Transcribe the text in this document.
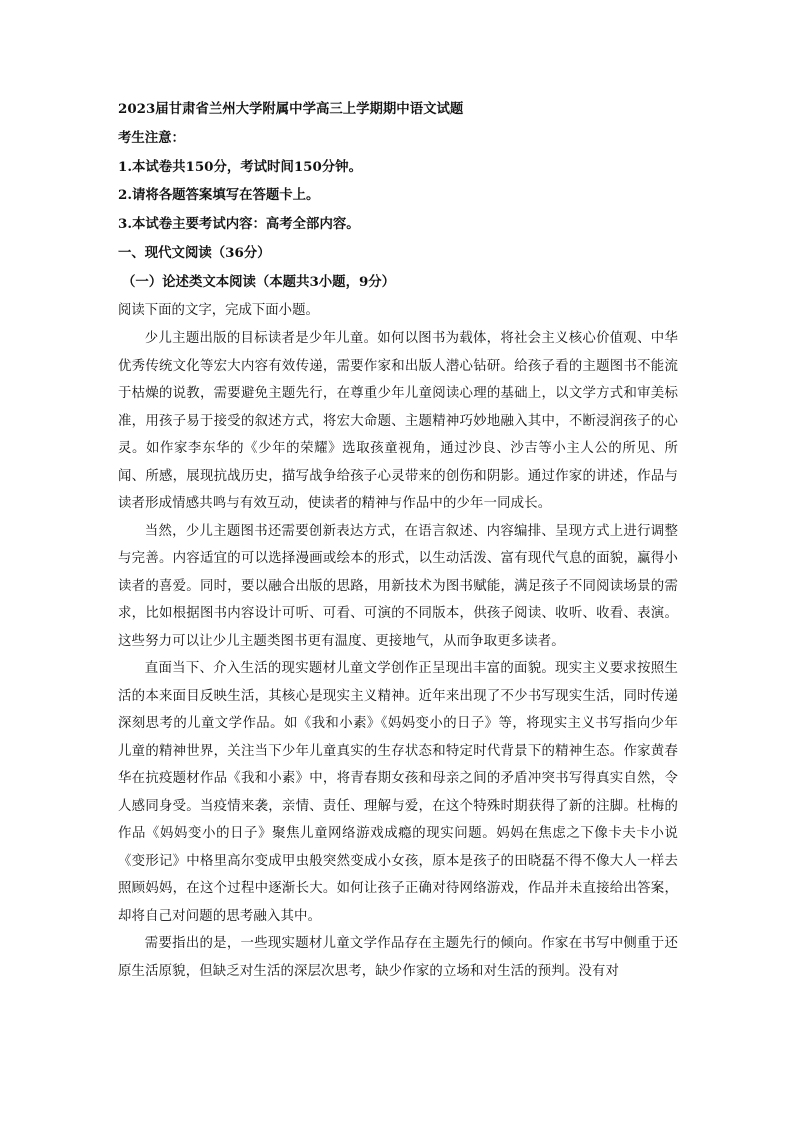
2023届甘肃省兰州大学附属中学高三上学期期中语文试题

考生注意：

1.本试卷共150分，考试时间150分钟。

2.请将各题答案填写在答题卡上。

3.本试卷主要考试内容：高考全部内容。

一、现代文阅读（36分）

（一）论述类文本阅读（本题共3小题，9分）

阅读下面的文字，完成下面小题。

少儿主题出版的目标读者是少年儿童。如何以图书为载体，将社会主义核心价值观、中华优秀传统文化等宏大内容有效传递，需要作家和出版人潜心钻研。给孩子看的主题图书不能流于枯燥的说教，需要避免主题先行，在尊重少年儿童阅读心理的基础上，以文学方式和审美标准，用孩子易于接受的叙述方式，将宏大命题、主题精神巧妙地融入其中，不断浸润孩子的心灵。如作家李东华的《少年的荣耀》选取孩童视角，通过沙良、沙吉等小主人公的所见、所闻、所感，展现抗战历史，描写战争给孩子心灵带来的创伤和阴影。通过作家的讲述，作品与读者形成情感共鸣与有效互动，使读者的精神与作品中的少年一同成长。

当然，少儿主题图书还需要创新表达方式，在语言叙述、内容编排、呈现方式上进行调整与完善。内容适宜的可以选择漫画或绘本的形式，以生动活泼、富有现代气息的面貌，赢得小读者的喜爱。同时，要以融合出版的思路，用新技术为图书赋能，满足孩子不同阅读场景的需求，比如根据图书内容设计可听、可看、可演的不同版本，供孩子阅读、收听、收看、表演。这些努力可以让少儿主题类图书更有温度、更接地气，从而争取更多读者。

直面当下、介入生活的现实题材儿童文学创作正呈现出丰富的面貌。现实主义要求按照生活的本来面目反映生活，其核心是现实主义精神。近年来出现了不少书写现实生活，同时传递深刻思考的儿童文学作品。如《我和小素》《妈妈变小的日子》等，将现实主义书写指向少年儿童的精神世界，关注当下少年儿童真实的生存状态和特定时代背景下的精神生态。作家黄春华在抗疫题材作品《我和小素》中，将青春期女孩和母亲之间的矛盾冲突书写得真实自然，令人感同身受。当疫情来袭，亲情、责任、理解与爱，在这个特殊时期获得了新的注脚。杜梅的作品《妈妈变小的日子》聚焦儿童网络游戏成瘾的现实问题。妈妈在焦虑之下像卡夫卡小说《变形记》中格里高尔变成甲虫般突然变成小女孩，原本是孩子的田晓磊不得不像大人一样去照顾妈妈，在这个过程中逐渐长大。如何让孩子正确对待网络游戏，作品并未直接给出答案，却将自己对问题的思考融入其中。

需要指出的是，一些现实题材儿童文学作品存在主题先行的倾向。作家在书写中侧重于还原生活原貌，但缺乏对生活的深层次思考，缺少作家的立场和对生活的预判。没有对
